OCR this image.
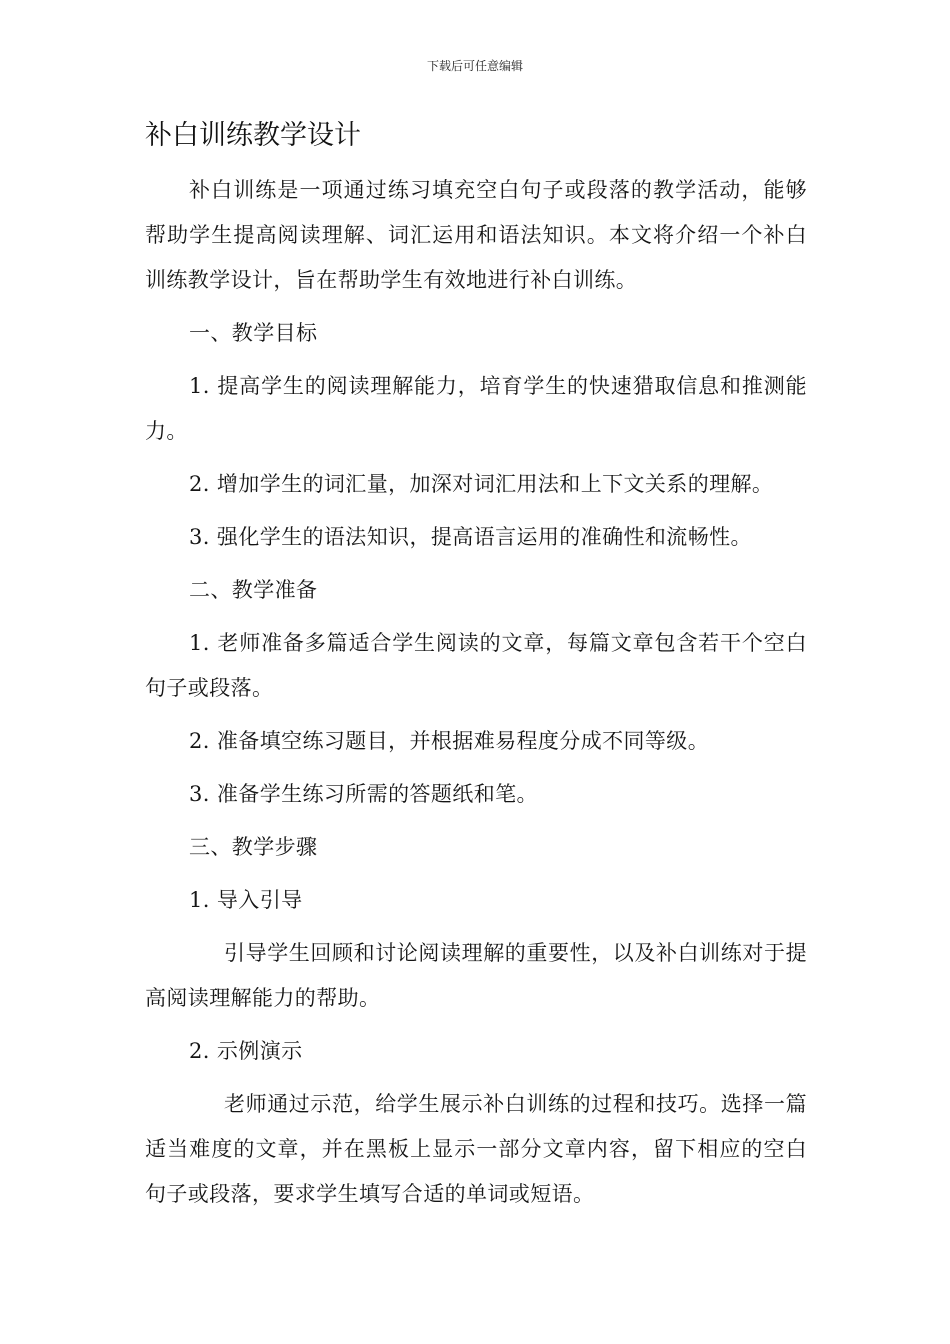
下载后可任意编辑
补白训练教学设计

补白训练是一项通过练习填充空白句子或段落的教学活动，能够帮助学生提高阅读理解、词汇运用和语法知识。本文将介绍一个补白训练教学设计，旨在帮助学生有效地进行补白训练。

一、教学目标

1. 提高学生的阅读理解能力，培育学生的快速猎取信息和推测能力。

2. 增加学生的词汇量，加深对词汇用法和上下文关系的理解。

3. 强化学生的语法知识，提高语言运用的准确性和流畅性。

二、教学准备

1. 老师准备多篇适合学生阅读的文章，每篇文章包含若干个空白句子或段落。

2. 准备填空练习题目，并根据难易程度分成不同等级。

3. 准备学生练习所需的答题纸和笔。

三、教学步骤

1. 导入引导

引导学生回顾和讨论阅读理解的重要性，以及补白训练对于提高阅读理解能力的帮助。

2. 示例演示

老师通过示范，给学生展示补白训练的过程和技巧。选择一篇适当难度的文章，并在黑板上显示一部分文章内容，留下相应的空白句子或段落，要求学生填写合适的单词或短语。
